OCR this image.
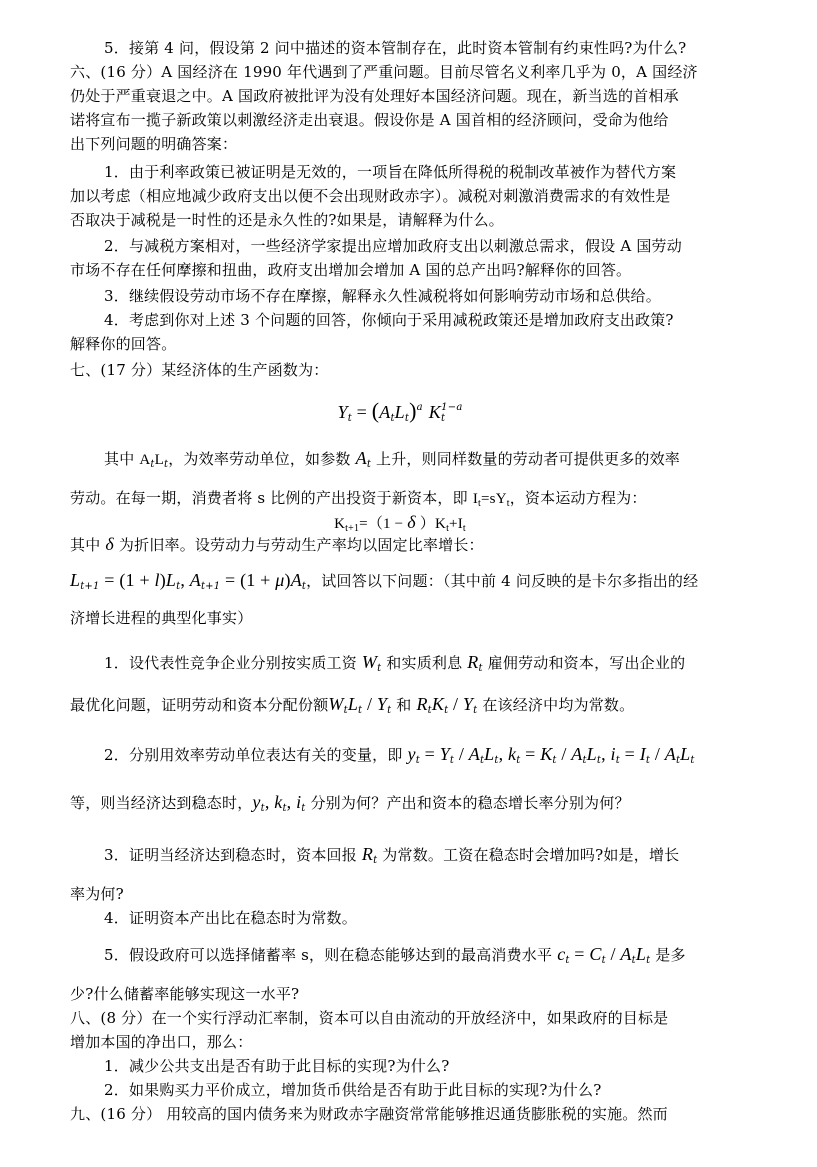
5．接第 4 问，假设第 2 问中描述的资本管制存在，此时资本管制有约束性吗?为什么?
六、(16 分）A 国经济在 1990 年代遇到了严重问题。目前尽管名义利率几乎为 0，A 国经济
仍处于严重衰退之中。A 国政府被批评为没有处理好本国经济问题。现在，新当选的首相承
诺将宣布一揽子新政策以刺激经济走出衰退。假设你是 A 国首相的经济顾问，受命为他给
出下列问题的明确答案：
1．由于利率政策已被证明是无效的，一项旨在降低所得税的税制改革被作为替代方案
加以考虑（相应地减少政府支出以便不会出现财政赤字）。减税对刺激消费需求的有效性是
否取决于减税是一时性的还是永久性的?如果是，请解释为什么。
2．与减税方案相对，一些经济学家提出应增加政府支出以刺激总需求，假设 A 国劳动
市场不存在任何摩擦和扭曲，政府支出增加会增加 A 国的总产出吗?解释你的回答。
3．继续假设劳动市场不存在摩擦，解释永久性减税将如何影响劳动市场和总供给。
4．考虑到你对上述 3 个问题的回答，你倾向于采用减税政策还是增加政府支出政策?
解释你的回答。
七、(17 分）某经济体的生产函数为：
$Y_t = (A_tL_t)^a$ $K_t^{1-a}$
其中 $A_tL_t$，为效率劳动单位，如参数 $A_t$ 上升，则同样数量的劳动者可提供更多的效率
劳动。在每一期，消费者将 s 比例的产出投资于新资本，即 $I_t=sY_t$，资本运动方程为：
$K_{t+1}=(1 - \delta$ ）$K_t+I_t$
其中 δ 为折旧率。设劳动力与劳动生产率均以固定比率增长：
$L_{t+1} = (1 + l)L_t$, $A_{t+1} = (1 + \mu)A_t$，试回答以下问题：（其中前 4 问反映的是卡尔多指出的经
济增长进程的典型化事实）
1．设代表性竞争企业分别按实质工资 $W_t$ 和实质利息 $R_t$ 雇佣劳动和资本，写出企业的
最优化问题，证明劳动和资本分配份额$W_tL_t / Y_t$ 和 $R_tK_t / Y_t$ 在该经济中均为常数。
2．分别用效率劳动单位表达有关的变量，即 $y_t = Y_t / A_tL_t$, $k_t = K_t / A_tL_t$, $i_t = I_t / A_tL_t$
等，则当经济达到稳态时，$y_t$, $k_t$, $i_t$ 分别为何？产出和资本的稳态增长率分别为何？
3．证明当经济达到稳态时，资本回报 $R_t$ 为常数。工资在稳态时会增加吗?如是，增长
率为何?
4．证明资本产出比在稳态时为常数。
5．假设政府可以选择储蓄率 s，则在稳态能够达到的最高消费水平 $c_t = C_t / A_tL_t$ 是多
少?什么储蓄率能够实现这一水平?
八、(8 分）在一个实行浮动汇率制，资本可以自由流动的开放经济中，如果政府的目标是
增加本国的净出口，那么：
1．减少公共支出是否有助于此目标的实现?为什么?
2．如果购买力平价成立，增加货币供给是否有助于此目标的实现?为什么?
九、(16 分） 用较高的国内债务来为财政赤字融资常常能够推迟通货膨胀税的实施。然而
